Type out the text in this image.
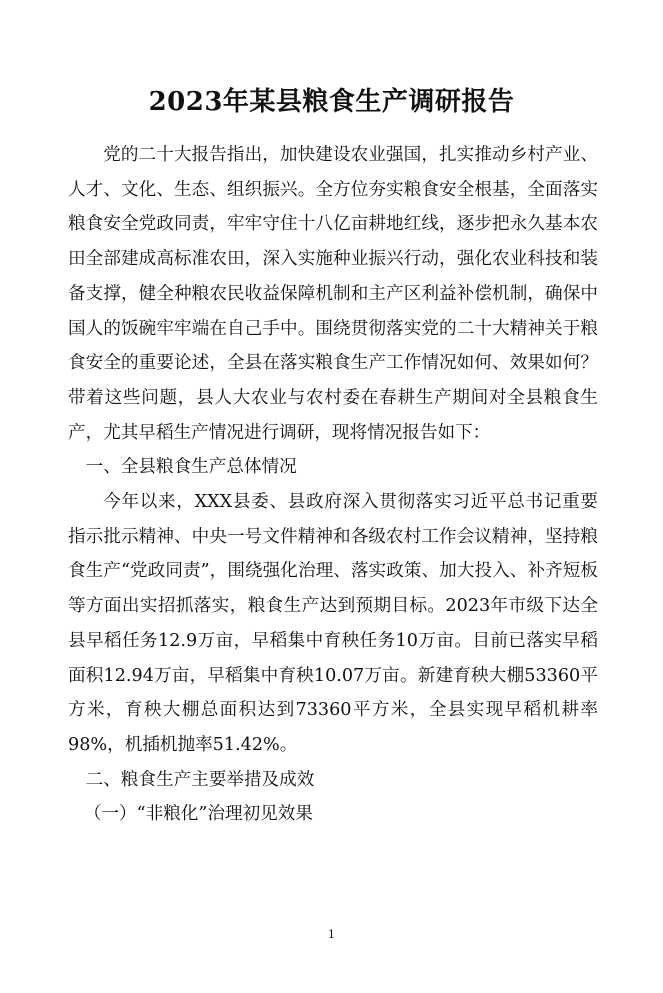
2023年某县粮食生产调研报告

党的二十大报告指出，加快建设农业强国，扎实推动乡村产业、人才、文化、生态、组织振兴。全方位夯实粮食安全根基，全面落实粮食安全党政同责，牢牢守住十八亿亩耕地红线，逐步把永久基本农田全部建成高标准农田，深入实施种业振兴行动，强化农业科技和装备支撑，健全种粮农民收益保障机制和主产区利益补偿机制，确保中国人的饭碗牢牢端在自己手中。围绕贯彻落实党的二十大精神关于粮食安全的重要论述，全县在落实粮食生产工作情况如何、效果如何？带着这些问题，县人大农业与农村委在春耕生产期间对全县粮食生产，尤其早稻生产情况进行调研，现将情况报告如下：

一、全县粮食生产总体情况

今年以来，XXX县委、县政府深入贯彻落实习近平总书记重要指示批示精神、中央一号文件精神和各级农村工作会议精神，坚持粮食生产“党政同责”，围绕强化治理、落实政策、加大投入、补齐短板等方面出实招抓落实，粮食生产达到预期目标。2023年市级下达全县早稻任务12.9万亩，早稻集中育秧任务10万亩。目前已落实早稻面积12.94万亩，早稻集中育秧10.07万亩。新建育秧大棚53360平方米，育秧大棚总面积达到73360平方米，全县实现早稻机耕率98%，机插机抛率51.42%。

二、粮食生产主要举措及成效

（一）“非粮化”治理初见效果

1
